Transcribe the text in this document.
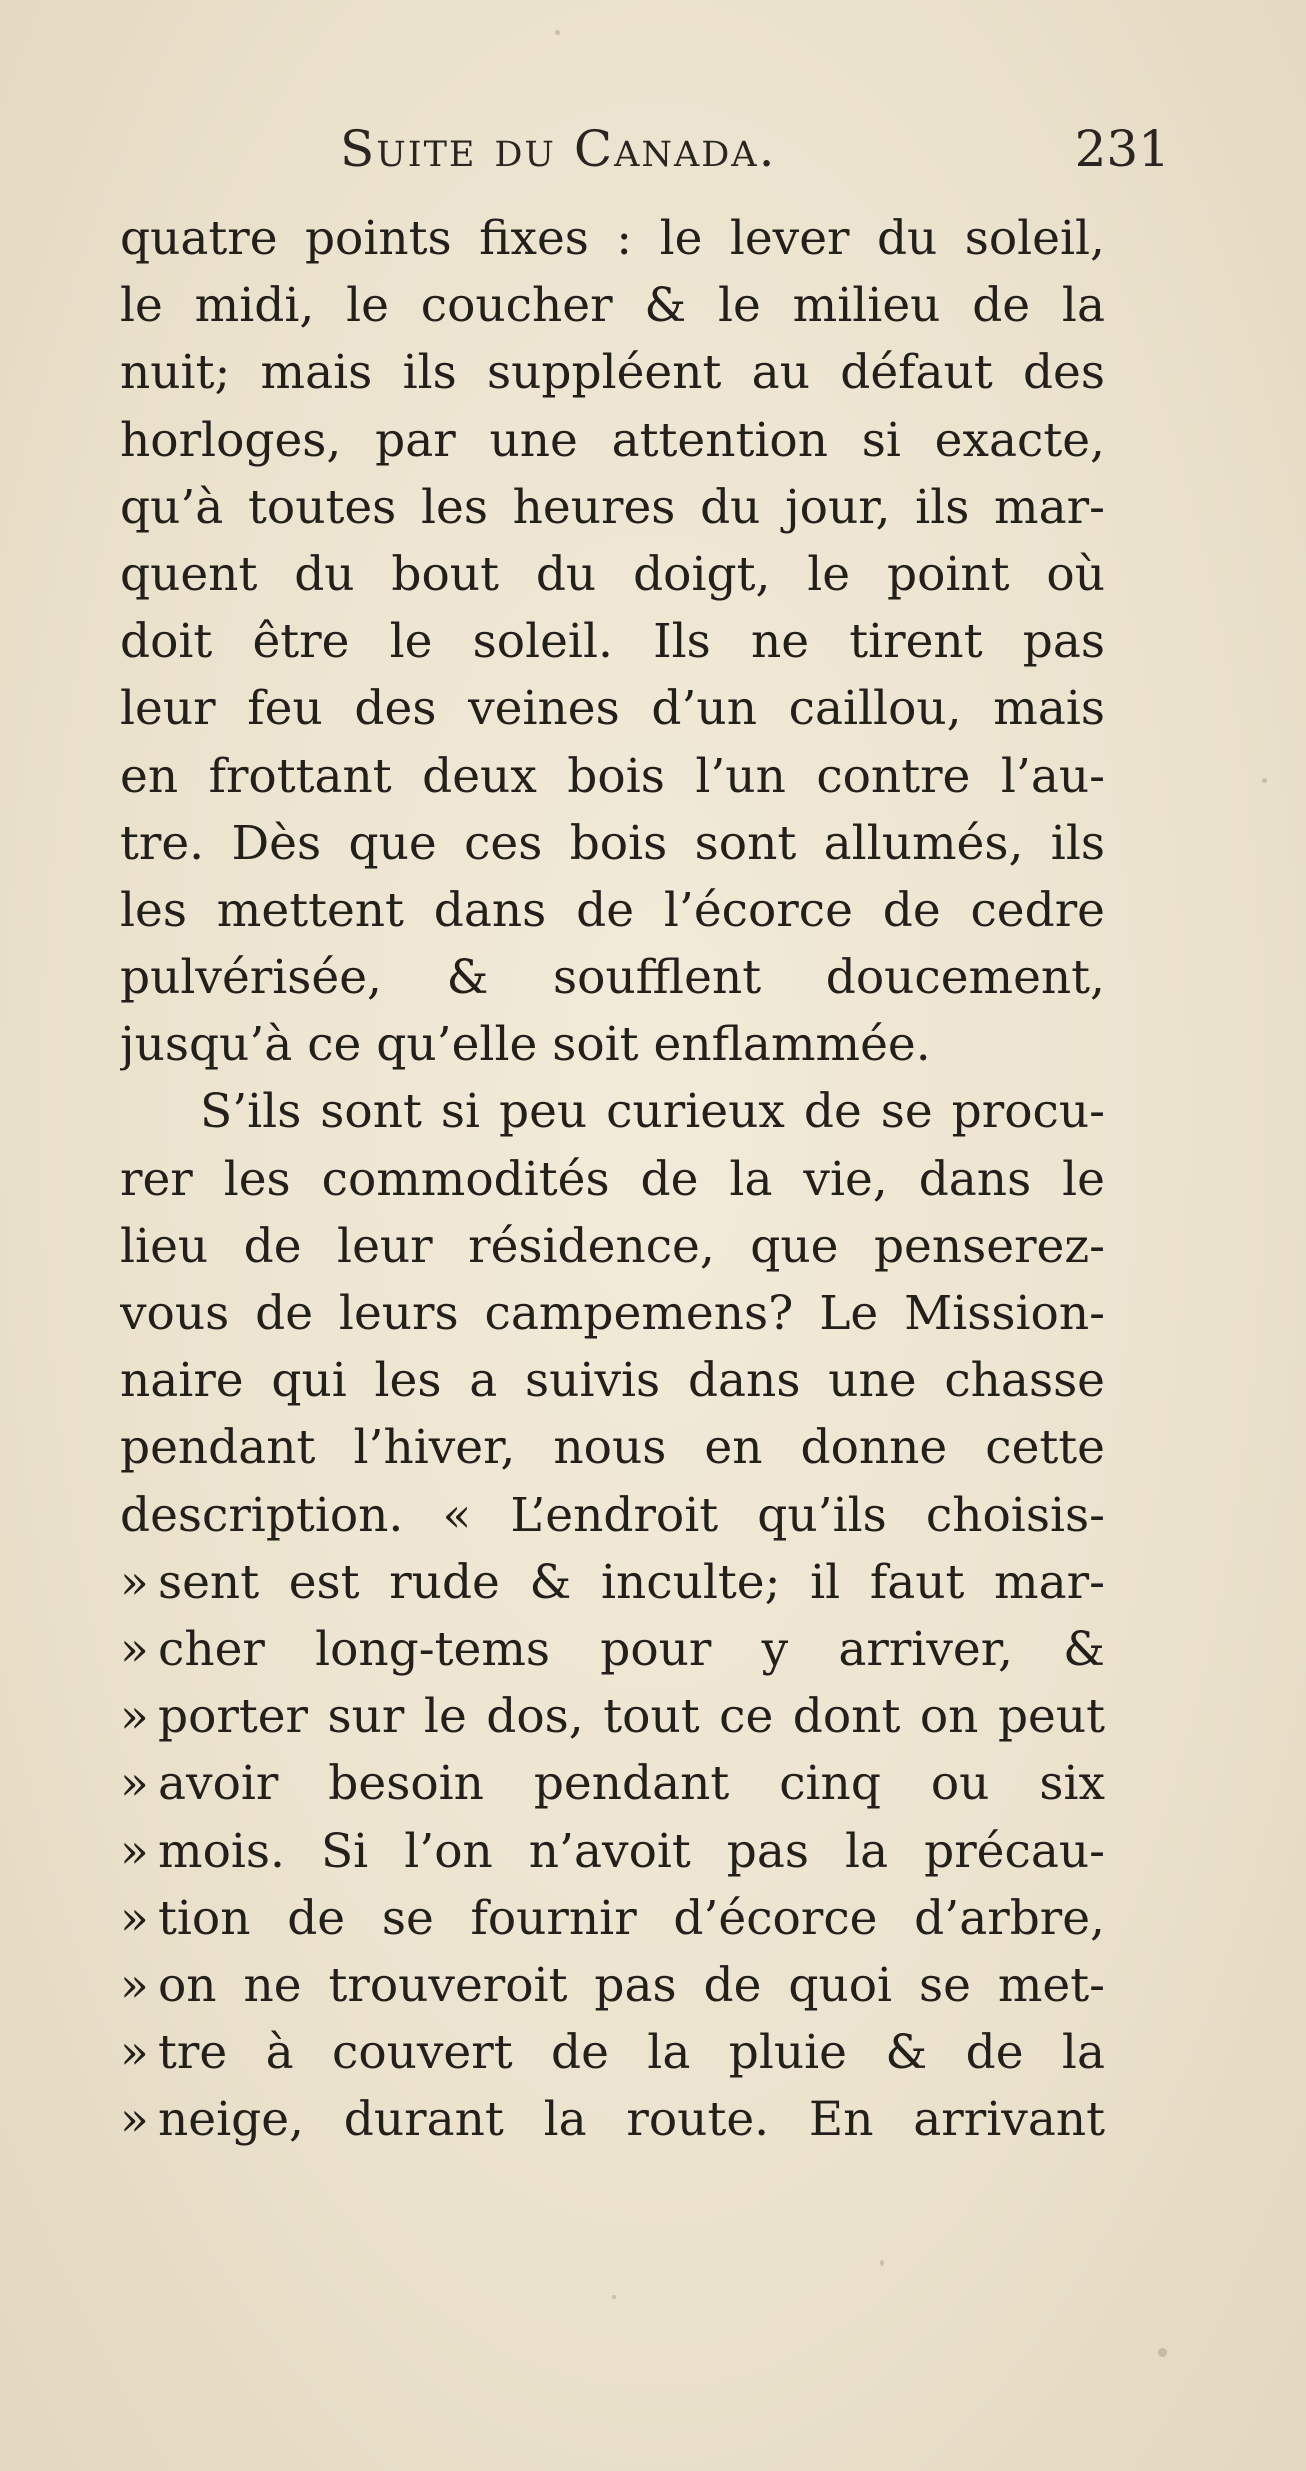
Suite du Canada.	231
quatre points fixes : le lever du soleil,
le midi, le coucher & le milieu de la
nuit; mais ils suppléent au défaut des
horloges, par une attention si exacte,
qu’à toutes les heures du jour, ils mar-
quent du bout du doigt, le point où
doit être le soleil. Ils ne tirent pas
leur feu des veines d’un caillou, mais
en frottant deux bois l’un contre l’au-
tre. Dès que ces bois sont allumés, ils
les mettent dans de l’écorce de cedre
pulvérisée, & soufflent doucement,
jusqu’à ce qu’elle soit enflammée.
S’ils sont si peu curieux de se procu-
rer les commodités de la vie, dans le
lieu de leur résidence, que penserez-
vous de leurs campemens? Le Mission-
naire qui les a suivis dans une chasse
pendant l’hiver, nous en donne cette
description. « L’endroit qu’ils choisis-
» sent est rude & inculte; il faut mar-
» cher long-tems pour y arriver, &
» porter sur le dos, tout ce dont on peut
» avoir besoin pendant cinq ou six
» mois. Si l’on n’avoit pas la précau-
» tion de se fournir d’écorce d’arbre,
» on ne trouveroit pas de quoi se met-
» tre à couvert de la pluie & de la
» neige, durant la route. En arrivant
